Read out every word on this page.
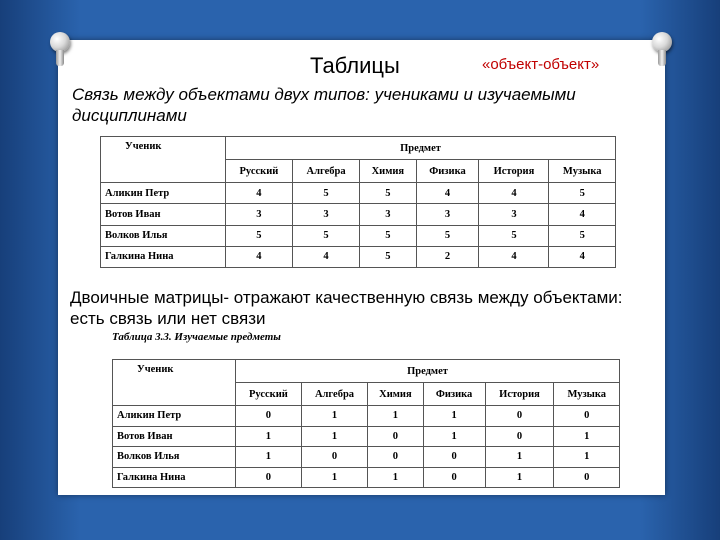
Таблицы	«объект-объект»
Связь между объектами двух типов: учениками и изучаемыми дисциплинами
Ученик	Предмет					
	Русский	Алгебра	Химия	Физика	История	Музыка
Аликин Петр	4	5	5	4	4	5
Вотов Иван	3	3	3	3	3	4
Волков Илья	5	5	5	5	5	5
Галкина Нина	4	4	5	2	4	4
Двоичные матрицы- отражают качественную связь между объектами: есть связь или нет связи
Таблица 3.3. Изучаемые предметы
Ученик	Предмет					
	Русский	Алгебра	Химия	Физика	История	Музыка
Аликин Петр	0	1	1	1	0	0
Вотов Иван	1	1	0	1	0	1
Волков Илья	1	0	0	0	1	1
Галкина Нина	0	1	1	0	1	0
